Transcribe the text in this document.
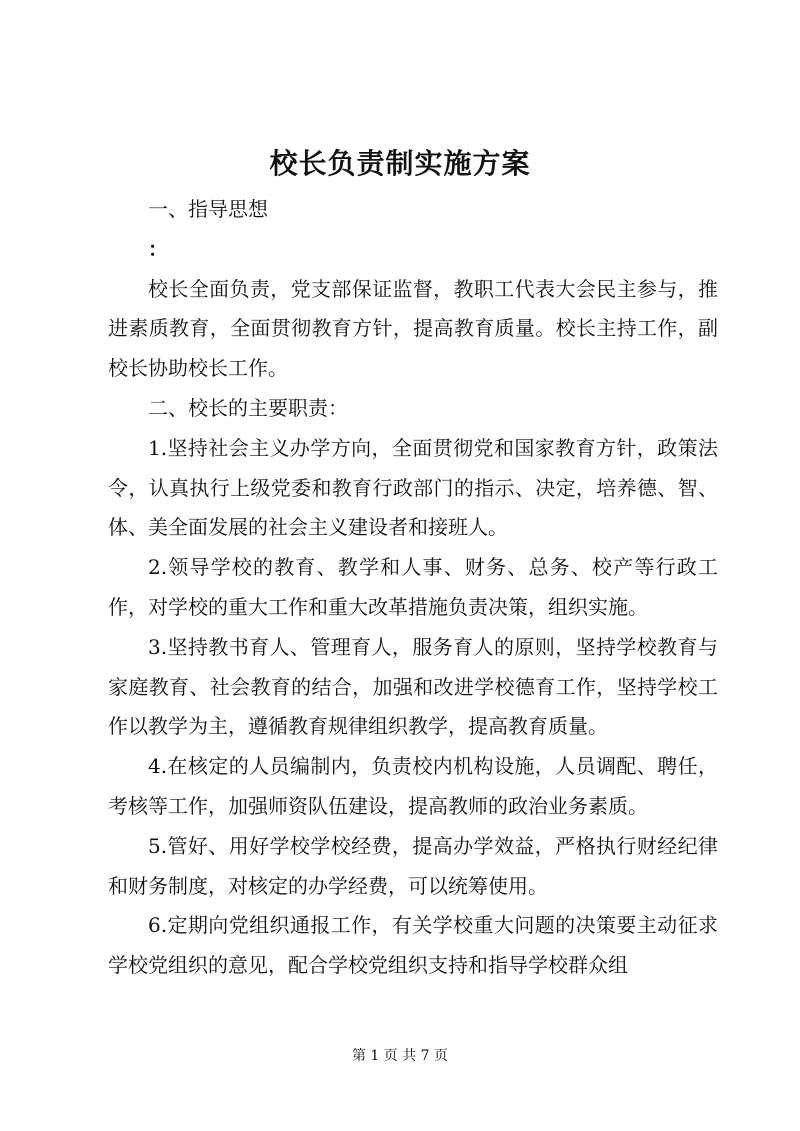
校长负责制实施方案

一、指导思想

：

校长全面负责，党支部保证监督，教职工代表大会民主参与，推进素质教育，全面贯彻教育方针，提高教育质量。校长主持工作，副校长协助校长工作。

二、校长的主要职责：

1.坚持社会主义办学方向，全面贯彻党和国家教育方针，政策法令，认真执行上级党委和教育行政部门的指示、决定，培养德、智、体、美全面发展的社会主义建设者和接班人。

2.领导学校的教育、教学和人事、财务、总务、校产等行政工作，对学校的重大工作和重大改革措施负责决策，组织实施。

3.坚持教书育人、管理育人，服务育人的原则，坚持学校教育与家庭教育、社会教育的结合，加强和改进学校德育工作，坚持学校工作以教学为主，遵循教育规律组织教学，提高教育质量。

4.在核定的人员编制内，负责校内机构设施，人员调配、聘任，考核等工作，加强师资队伍建设，提高教师的政治业务素质。

5.管好、用好学校学校经费，提高办学效益，严格执行财经纪律和财务制度，对核定的办学经费，可以统筹使用。

6.定期向党组织通报工作，有关学校重大问题的决策要主动征求学校党组织的意见，配合学校党组织支持和指导学校群众组

第 1 页 共 7 页
